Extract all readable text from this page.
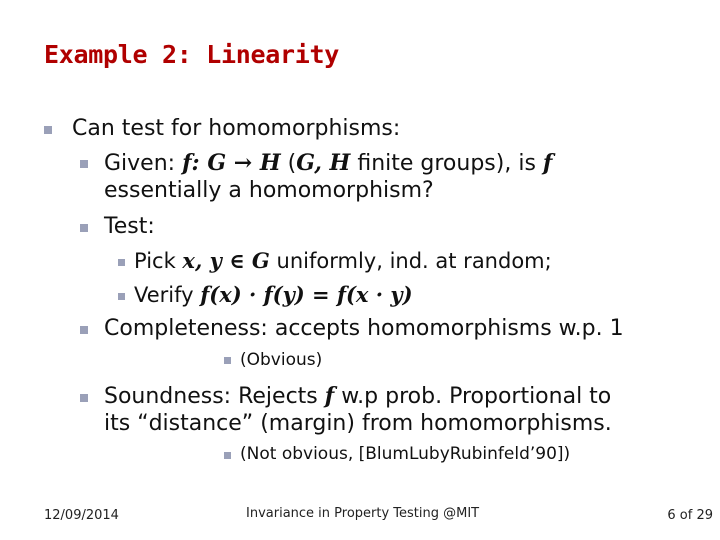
Example 2: Linearity
Can test for homomorphisms:
Given: f: G → H (G, H finite groups), is f
essentially a homomorphism?
Test:
Pick x, y ∈ G uniformly, ind. at random;
Verify f(x) · f(y) = f(x · y)
Completeness: accepts homomorphisms w.p. 1
(Obvious)
Soundness: Rejects f w.p prob. Proportional to
its “distance” (margin) from homomorphisms.
(Not obvious, [BlumLubyRubinfeld’90])
12/09/2014	Invariance in Property Testing @MIT	6 of 29
